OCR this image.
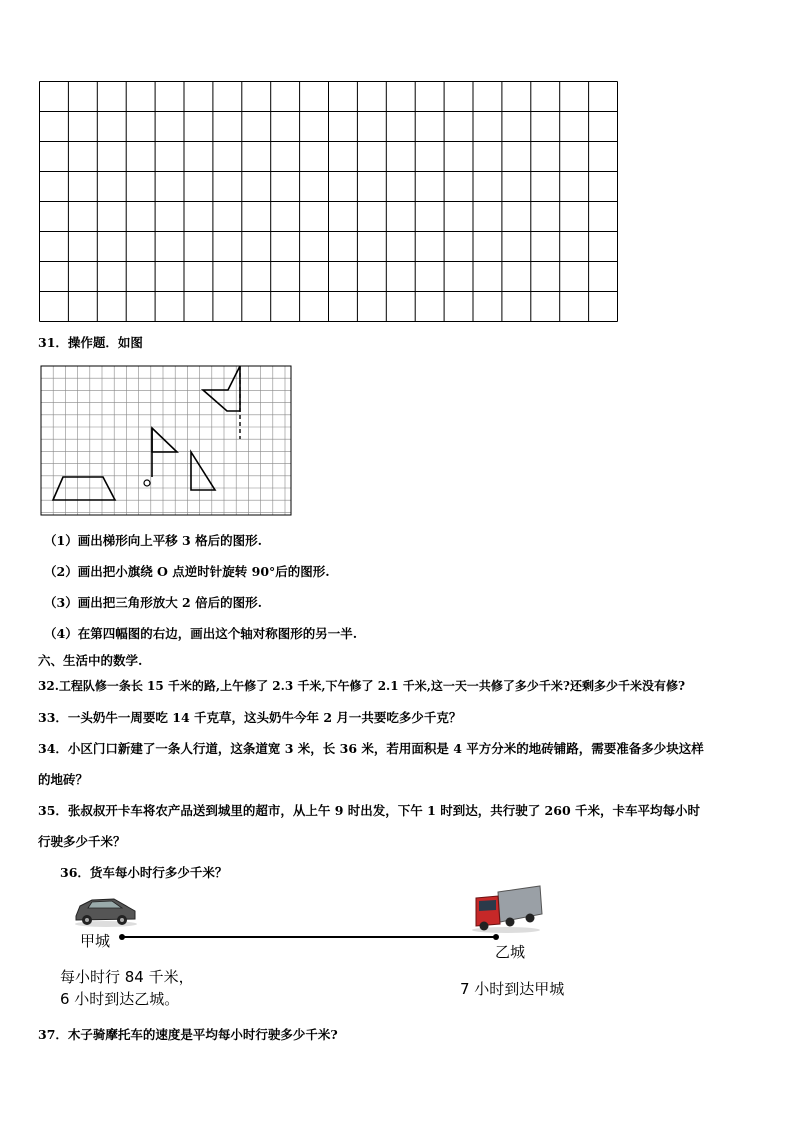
31．操作题．如图
（1）画出梯形向上平移 3 格后的图形.
（2）画出把小旗绕 O 点逆时针旋转 90°后的图形.
（3）画出把三角形放大 2 倍后的图形.
（4）在第四幅图的右边，画出这个轴对称图形的另一半.
六、生活中的数学.
32.工程队修一条长 15 千米的路,上午修了 2.3 千米,下午修了 2.1 千米,这一天一共修了多少千米?还剩多少千米没有修?
33．一头奶牛一周要吃 14 千克草，这头奶牛今年 2 月一共要吃多少千克？
34．小区门口新建了一条人行道，这条道宽 3 米，长 36 米，若用面积是 4 平方分米的地砖铺路，需要准备多少块这样
的地砖？
35．张叔叔开卡车将农产品送到城里的超市，从上午 9 时出发，下午 1 时到达，共行驶了 260 千米，卡车平均每小时
行驶多少千米？
36．货车每小时行多少千米？
甲城
乙城
每小时行 84 千米，
6 小时到达乙城。
7 小时到达甲城
37．木子骑摩托车的速度是平均每小时行驶多少千米?
